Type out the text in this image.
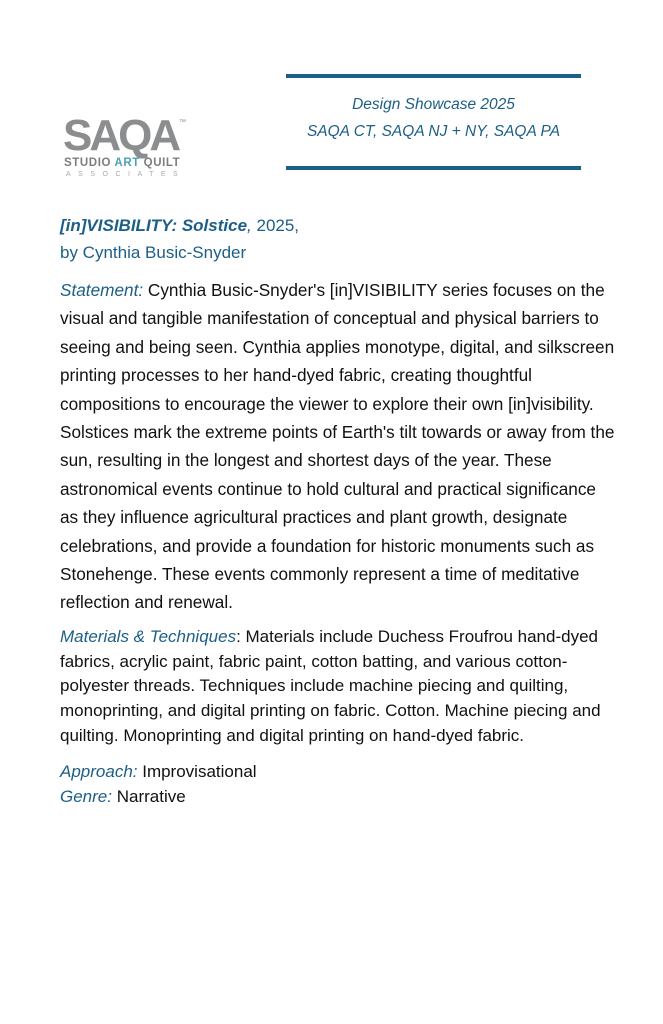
SAQA ™
STUDIO ART QUILT
ASSOCIATES
Design Showcase 2025
SAQA CT, SAQA NJ + NY, SAQA PA
[in]VISIBILITY: Solstice, 2025,
by Cynthia Busic-Snyder

Statement: Cynthia Busic-Snyder's [in]VISIBILITY series focuses on the visual and tangible manifestation of conceptual and physical barriers to seeing and being seen. Cynthia applies monotype, digital, and silkscreen printing processes to her hand-dyed fabric, creating thoughtful compositions to encourage the viewer to explore their own [in]visibility. Solstices mark the extreme points of Earth's tilt towards or away from the sun, resulting in the longest and shortest days of the year. These astronomical events continue to hold cultural and practical significance as they influence agricultural practices and plant growth, designate celebrations, and provide a foundation for historic monuments such as Stonehenge. These events commonly represent a time of meditative reflection and renewal.

Materials & Techniques: Materials include Duchess Froufrou hand-dyed fabrics, acrylic paint, fabric paint, cotton batting, and various cotton-polyester threads. Techniques include machine piecing and quilting, monoprinting, and digital printing on fabric. Cotton. Machine piecing and quilting. Monoprinting and digital printing on hand-dyed fabric.

Approach: Improvisational
Genre: Narrative
